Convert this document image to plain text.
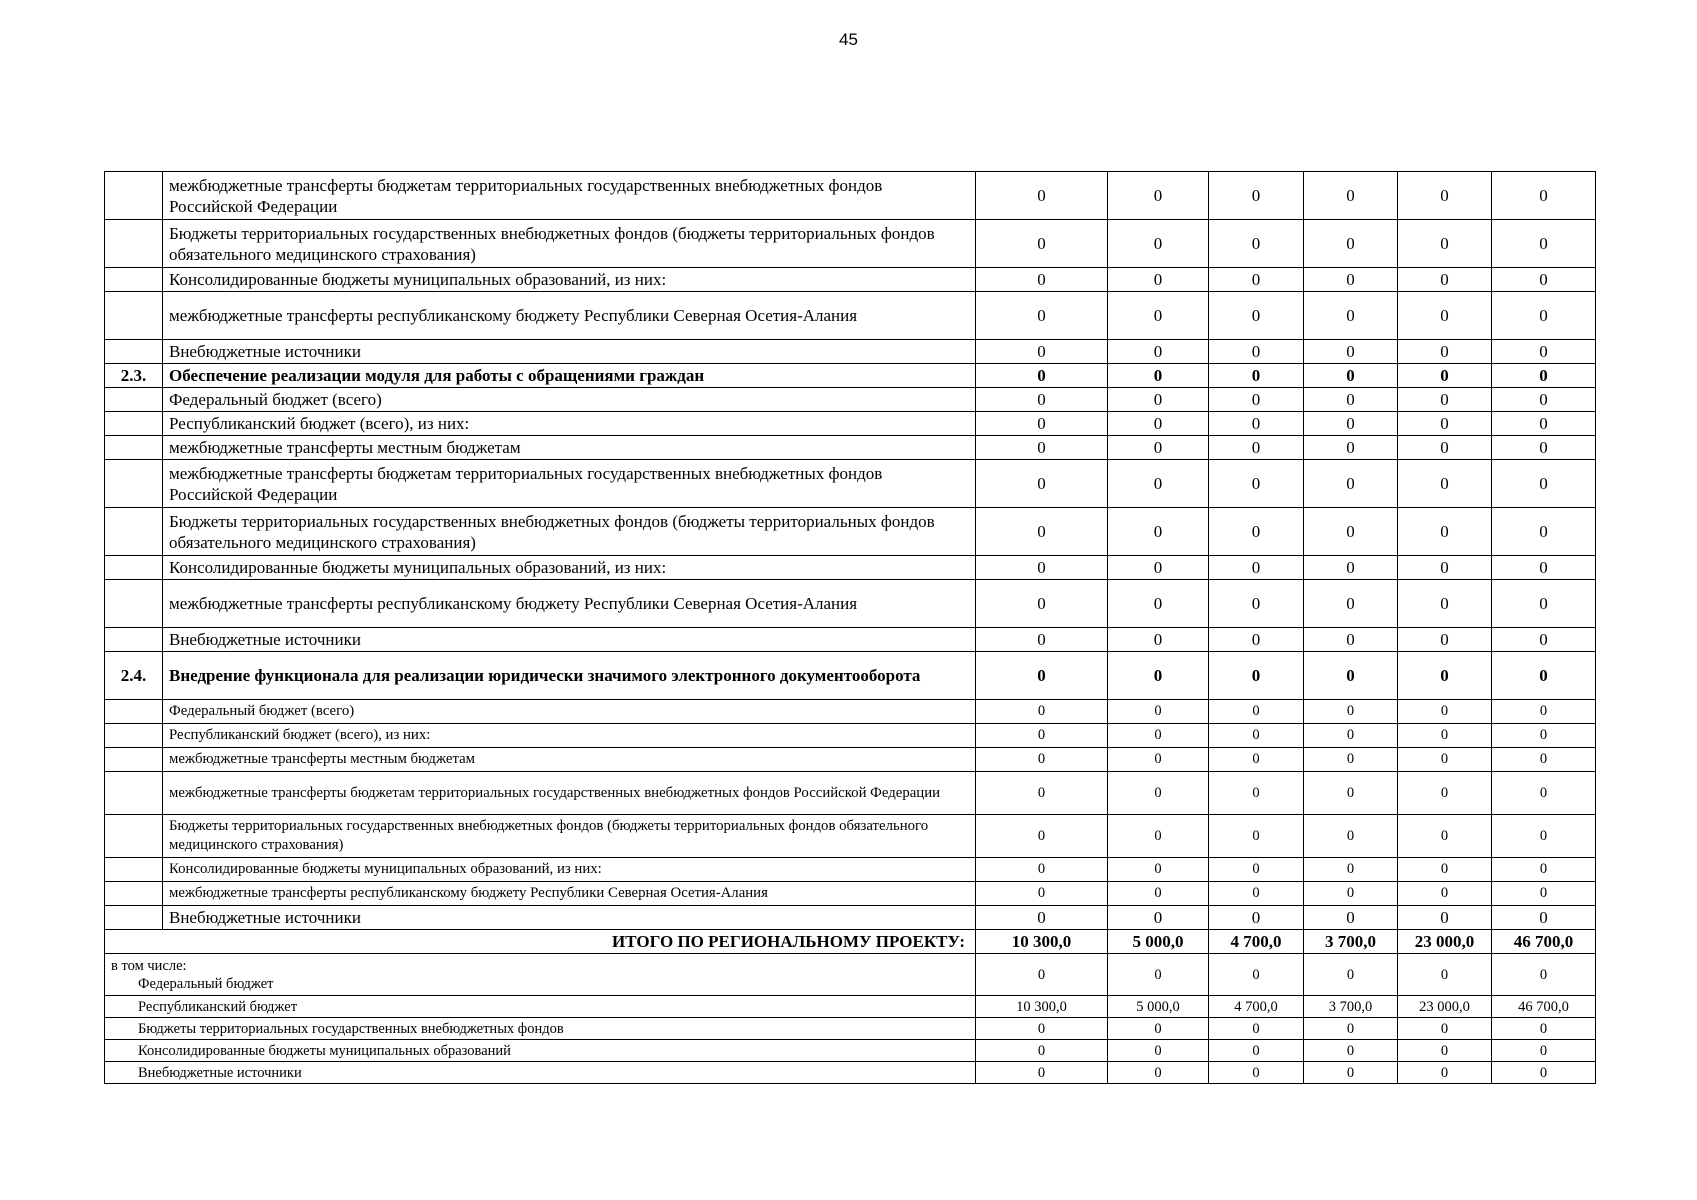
45
	межбюджетные трансферты бюджетам территориальных государственных внебюджетных фондов Российской Федерации	0	0	0	0	0	0
	Бюджеты территориальных государственных внебюджетных фондов (бюджеты территориальных фондов обязательного медицинского страхования)	0	0	0	0	0	0
	Консолидированные бюджеты муниципальных образований, из них:	0	0	0	0	0	0
	межбюджетные трансферты республиканскому бюджету Республики Северная Осетия-Алания	0	0	0	0	0	0
	Внебюджетные источники	0	0	0	0	0	0
2.3.	Обеспечение реализации модуля для работы с обращениями граждан	0	0	0	0	0	0
	Федеральный бюджет (всего)	0	0	0	0	0	0
	Республиканский бюджет (всего), из них:	0	0	0	0	0	0
	межбюджетные трансферты местным бюджетам	0	0	0	0	0	0
	межбюджетные трансферты бюджетам территориальных государственных внебюджетных фондов Российской Федерации	0	0	0	0	0	0
	Бюджеты территориальных государственных внебюджетных фондов (бюджеты территориальных фондов обязательного медицинского страхования)	0	0	0	0	0	0
	Консолидированные бюджеты муниципальных образований, из них:	0	0	0	0	0	0
	межбюджетные трансферты республиканскому бюджету Республики Северная Осетия-Алания	0	0	0	0	0	0
	Внебюджетные источники	0	0	0	0	0	0
2.4.	Внедрение функционала для реализации юридически значимого электронного документооборота	0	0	0	0	0	0
	Федеральный бюджет (всего)	0	0	0	0	0	0
	Республиканский бюджет (всего), из них:	0	0	0	0	0	0
	межбюджетные трансферты местным бюджетам	0	0	0	0	0	0
	межбюджетные трансферты бюджетам территориальных государственных внебюджетных фондов Российской Федерации	0	0	0	0	0	0
	Бюджеты территориальных государственных внебюджетных фондов (бюджеты территориальных фондов обязательного медицинского страхования)	0	0	0	0	0	0
	Консолидированные бюджеты муниципальных образований, из них:	0	0	0	0	0	0
	межбюджетные трансферты республиканскому бюджету Республики Северная Осетия-Алания	0	0	0	0	0	0
	Внебюджетные источники	0	0	0	0	0	0
ИТОГО ПО РЕГИОНАЛЬНОМУ ПРОЕКТУ:		10 300,0	5 000,0	4 700,0	3 700,0	23 000,0	46 700,0

в том числе:
Федеральный бюджет		0	0	0	0	0	0

Республиканский бюджет		10 300,0	5 000,0	4 700,0	3 700,0	23 000,0	46 700,0

Бюджеты территориальных государственных внебюджетных фондов		0	0	0	0	0	0

Консолидированные бюджеты муниципальных образований		0	0	0	0	0	0

Внебюджетные источники		0	0	0	0	0	0
